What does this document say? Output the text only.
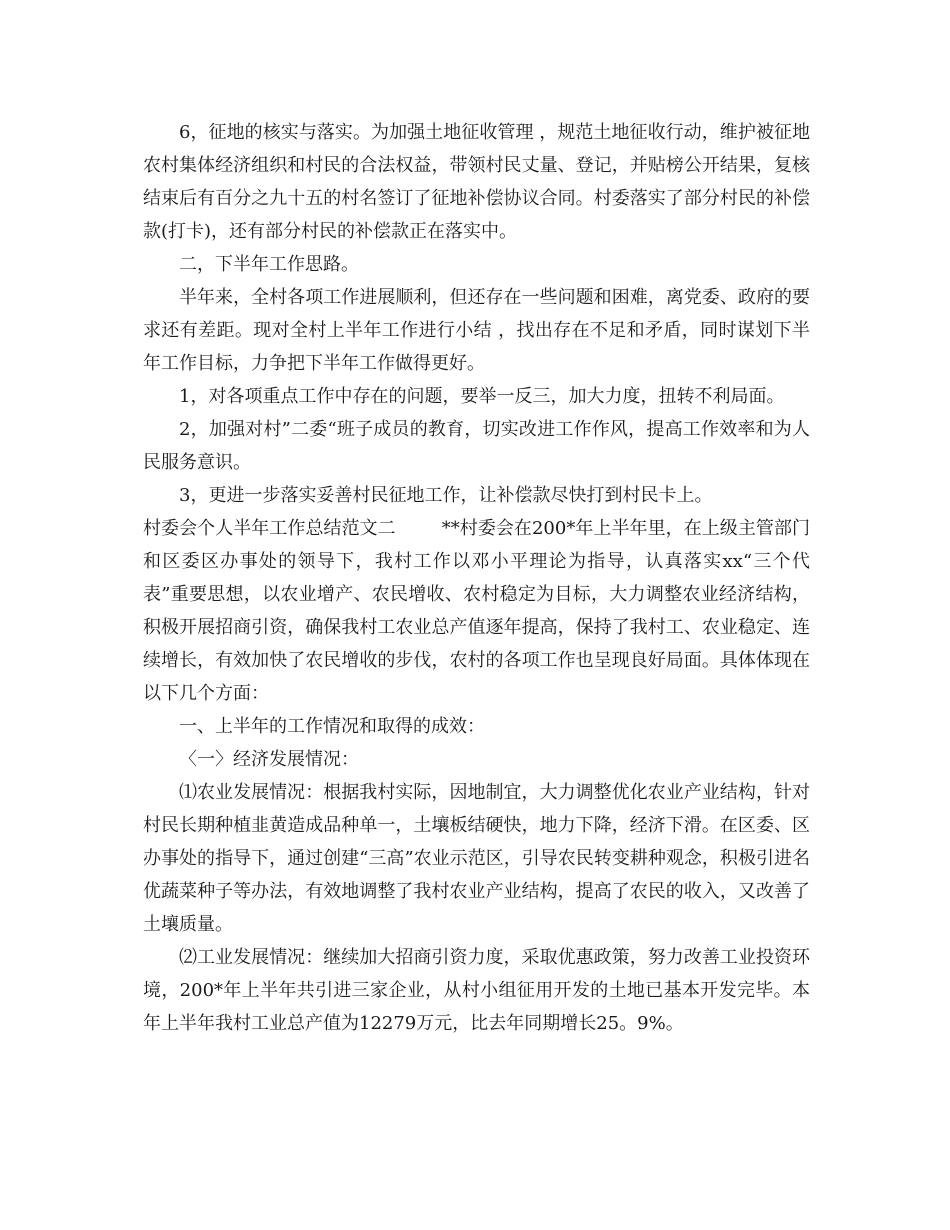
6，征地的核实与落实。为加强土地征收管理 ，规范土地征收行动，维护被征地农村集体经济组织和村民的合法权益，带领村民丈量、登记，并贴榜公开结果，复核结束后有百分之九十五的村名签订了征地补偿协议合同。村委落实了部分村民的补偿款(打卡)，还有部分村民的补偿款正在落实中。

二，下半年工作思路。

半年来，全村各项工作进展顺利，但还存在一些问题和困难，离党委、政府的要求还有差距。现对全村上半年工作进行小结 ，找出存在不足和矛盾，同时谋划下半年工作目标，力争把下半年工作做得更好。

1，对各项重点工作中存在的问题，要举一反三，加大力度，扭转不利局面。

2，加强对村”二委“班子成员的教育，切实改进工作作风，提高工作效率和为人民服务意识。

3，更进一步落实妥善村民征地工作，让补偿款尽快打到村民卡上。

村委会个人半年工作总结范文二	**村委会在200*年上半年里，在上级主管部门和区委区办事处的领导下，我村工作以邓小平理论为指导，认真落实xx“三个代表”重要思想，以农业增产、农民增收、农村稳定为目标，大力调整农业经济结构，积极开展招商引资，确保我村工农业总产值逐年提高，保持了我村工、农业稳定、连续增长，有效加快了农民增收的步伐，农村的各项工作也呈现良好局面。具体体现在以下几个方面：

一、上半年的工作情况和取得的成效：

〈一〉经济发展情况：

⑴农业发展情况：根据我村实际，因地制宜，大力调整优化农业产业结构，针对村民长期种植韭黄造成品种单一，土壤板结硬快，地力下降，经济下滑。在区委、区办事处的指导下，通过创建“三高”农业示范区，引导农民转变耕种观念，积极引进名优蔬菜种子等办法，有效地调整了我村农业产业结构，提高了农民的收入，又改善了土壤质量。

⑵工业发展情况：继续加大招商引资力度，采取优惠政策，努力改善工业投资环境，200*年上半年共引进三家企业，从村小组征用开发的土地已基本开发完毕。本年上半年我村工业总产值为12279万元，比去年同期增长25。9%。
